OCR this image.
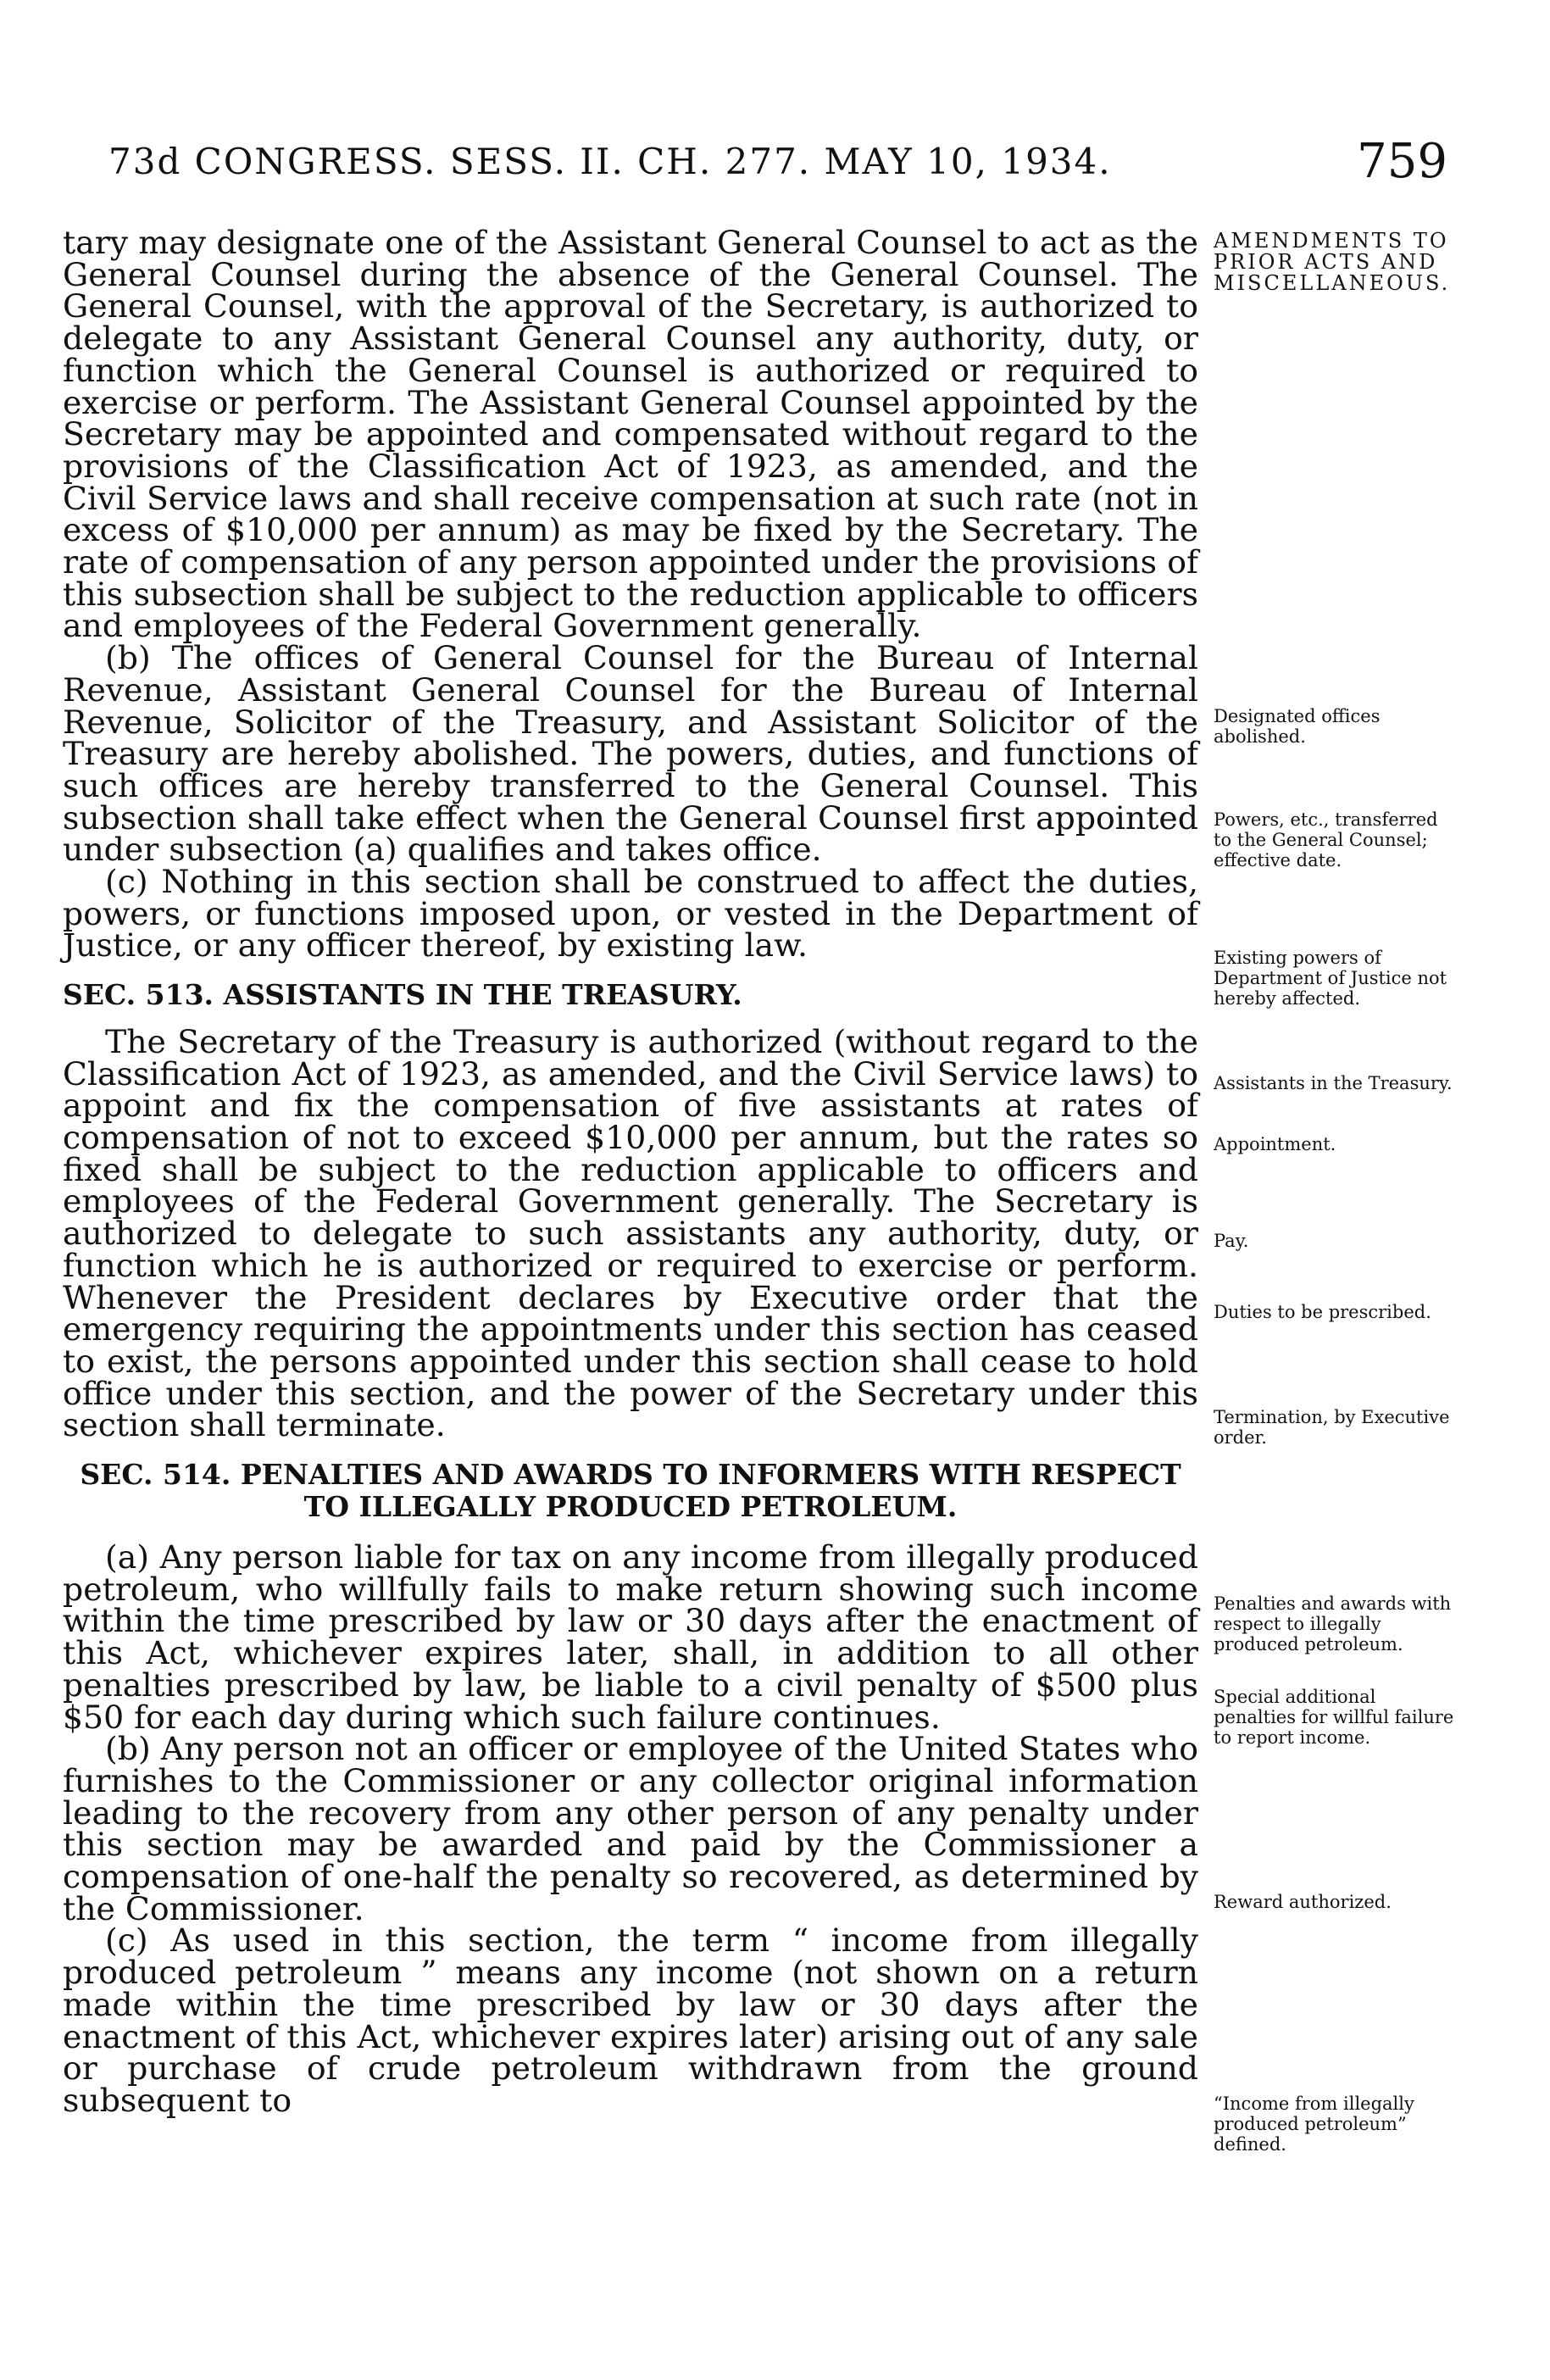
73d CONGRESS. SESS. II. CH. 277. MAY 10, 1934.	759

tary may designate one of the Assistant General Counsel to act as the General Counsel during the absence of the General Counsel. The General Counsel, with the approval of the Secretary, is authorized to delegate to any Assistant General Counsel any authority, duty, or function which the General Counsel is authorized or required to exercise or perform. The Assistant General Counsel appointed by the Secretary may be appointed and compensated without regard to the provisions of the Classification Act of 1923, as amended, and the Civil Service laws and shall receive compensation at such rate (not in excess of $10,000 per annum) as may be fixed by the Secretary. The rate of compensation of any person appointed under the provisions of this subsection shall be subject to the reduction applicable to officers and employees of the Federal Government generally.

(b) The offices of General Counsel for the Bureau of Internal Revenue, Assistant General Counsel for the Bureau of Internal Revenue, Solicitor of the Treasury, and Assistant Solicitor of the Treasury are hereby abolished. The powers, duties, and functions of such offices are hereby transferred to the General Counsel. This subsection shall take effect when the General Counsel first appointed under subsection (a) qualifies and takes office.

(c) Nothing in this section shall be construed to affect the duties, powers, or functions imposed upon, or vested in the Department of Justice, or any officer thereof, by existing law.

SEC. 513. ASSISTANTS IN THE TREASURY.

The Secretary of the Treasury is authorized (without regard to the Classification Act of 1923, as amended, and the Civil Service laws) to appoint and fix the compensation of five assistants at rates of compensation of not to exceed $10,000 per annum, but the rates so fixed shall be subject to the reduction applicable to officers and employees of the Federal Government generally. The Secretary is authorized to delegate to such assistants any authority, duty, or function which he is authorized or required to exercise or perform. Whenever the President declares by Executive order that the emergency requiring the appointments under this section has ceased to exist, the persons appointed under this section shall cease to hold office under this section, and the power of the Secretary under this section shall terminate.

SEC. 514. PENALTIES AND AWARDS TO INFORMERS WITH RESPECT TO ILLEGALLY PRODUCED PETROLEUM.

(a) Any person liable for tax on any income from illegally produced petroleum, who willfully fails to make return showing such income within the time prescribed by law or 30 days after the enactment of this Act, whichever expires later, shall, in addition to all other penalties prescribed by law, be liable to a civil penalty of $500 plus $50 for each day during which such failure continues.

(b) Any person not an officer or employee of the United States who furnishes to the Commissioner or any collector original information leading to the recovery from any other person of any penalty under this section may be awarded and paid by the Commissioner a compensation of one-half the penalty so recovered, as determined by the Commissioner.

(c) As used in this section, the term “ income from illegally produced petroleum ” means any income (not shown on a return made within the time prescribed by law or 30 days after the enactment of this Act, whichever expires later) arising out of any sale or purchase of crude petroleum withdrawn from the ground subsequent to

AMENDMENTS TO PRIOR ACTS AND MISCELLANEOUS.
Designated offices abolished.
Powers, etc., transferred to the General Counsel; effective date.
Existing powers of Department of Justice not hereby affected.
Assistants in the Treasury.
Appointment.
Pay.
Duties to be prescribed.
Termination, by Executive order.
Penalties and awards with respect to illegally produced petroleum.
Special additional penalties for willful failure to report income.
Reward authorized.
“Income from illegally produced petroleum” defined.
